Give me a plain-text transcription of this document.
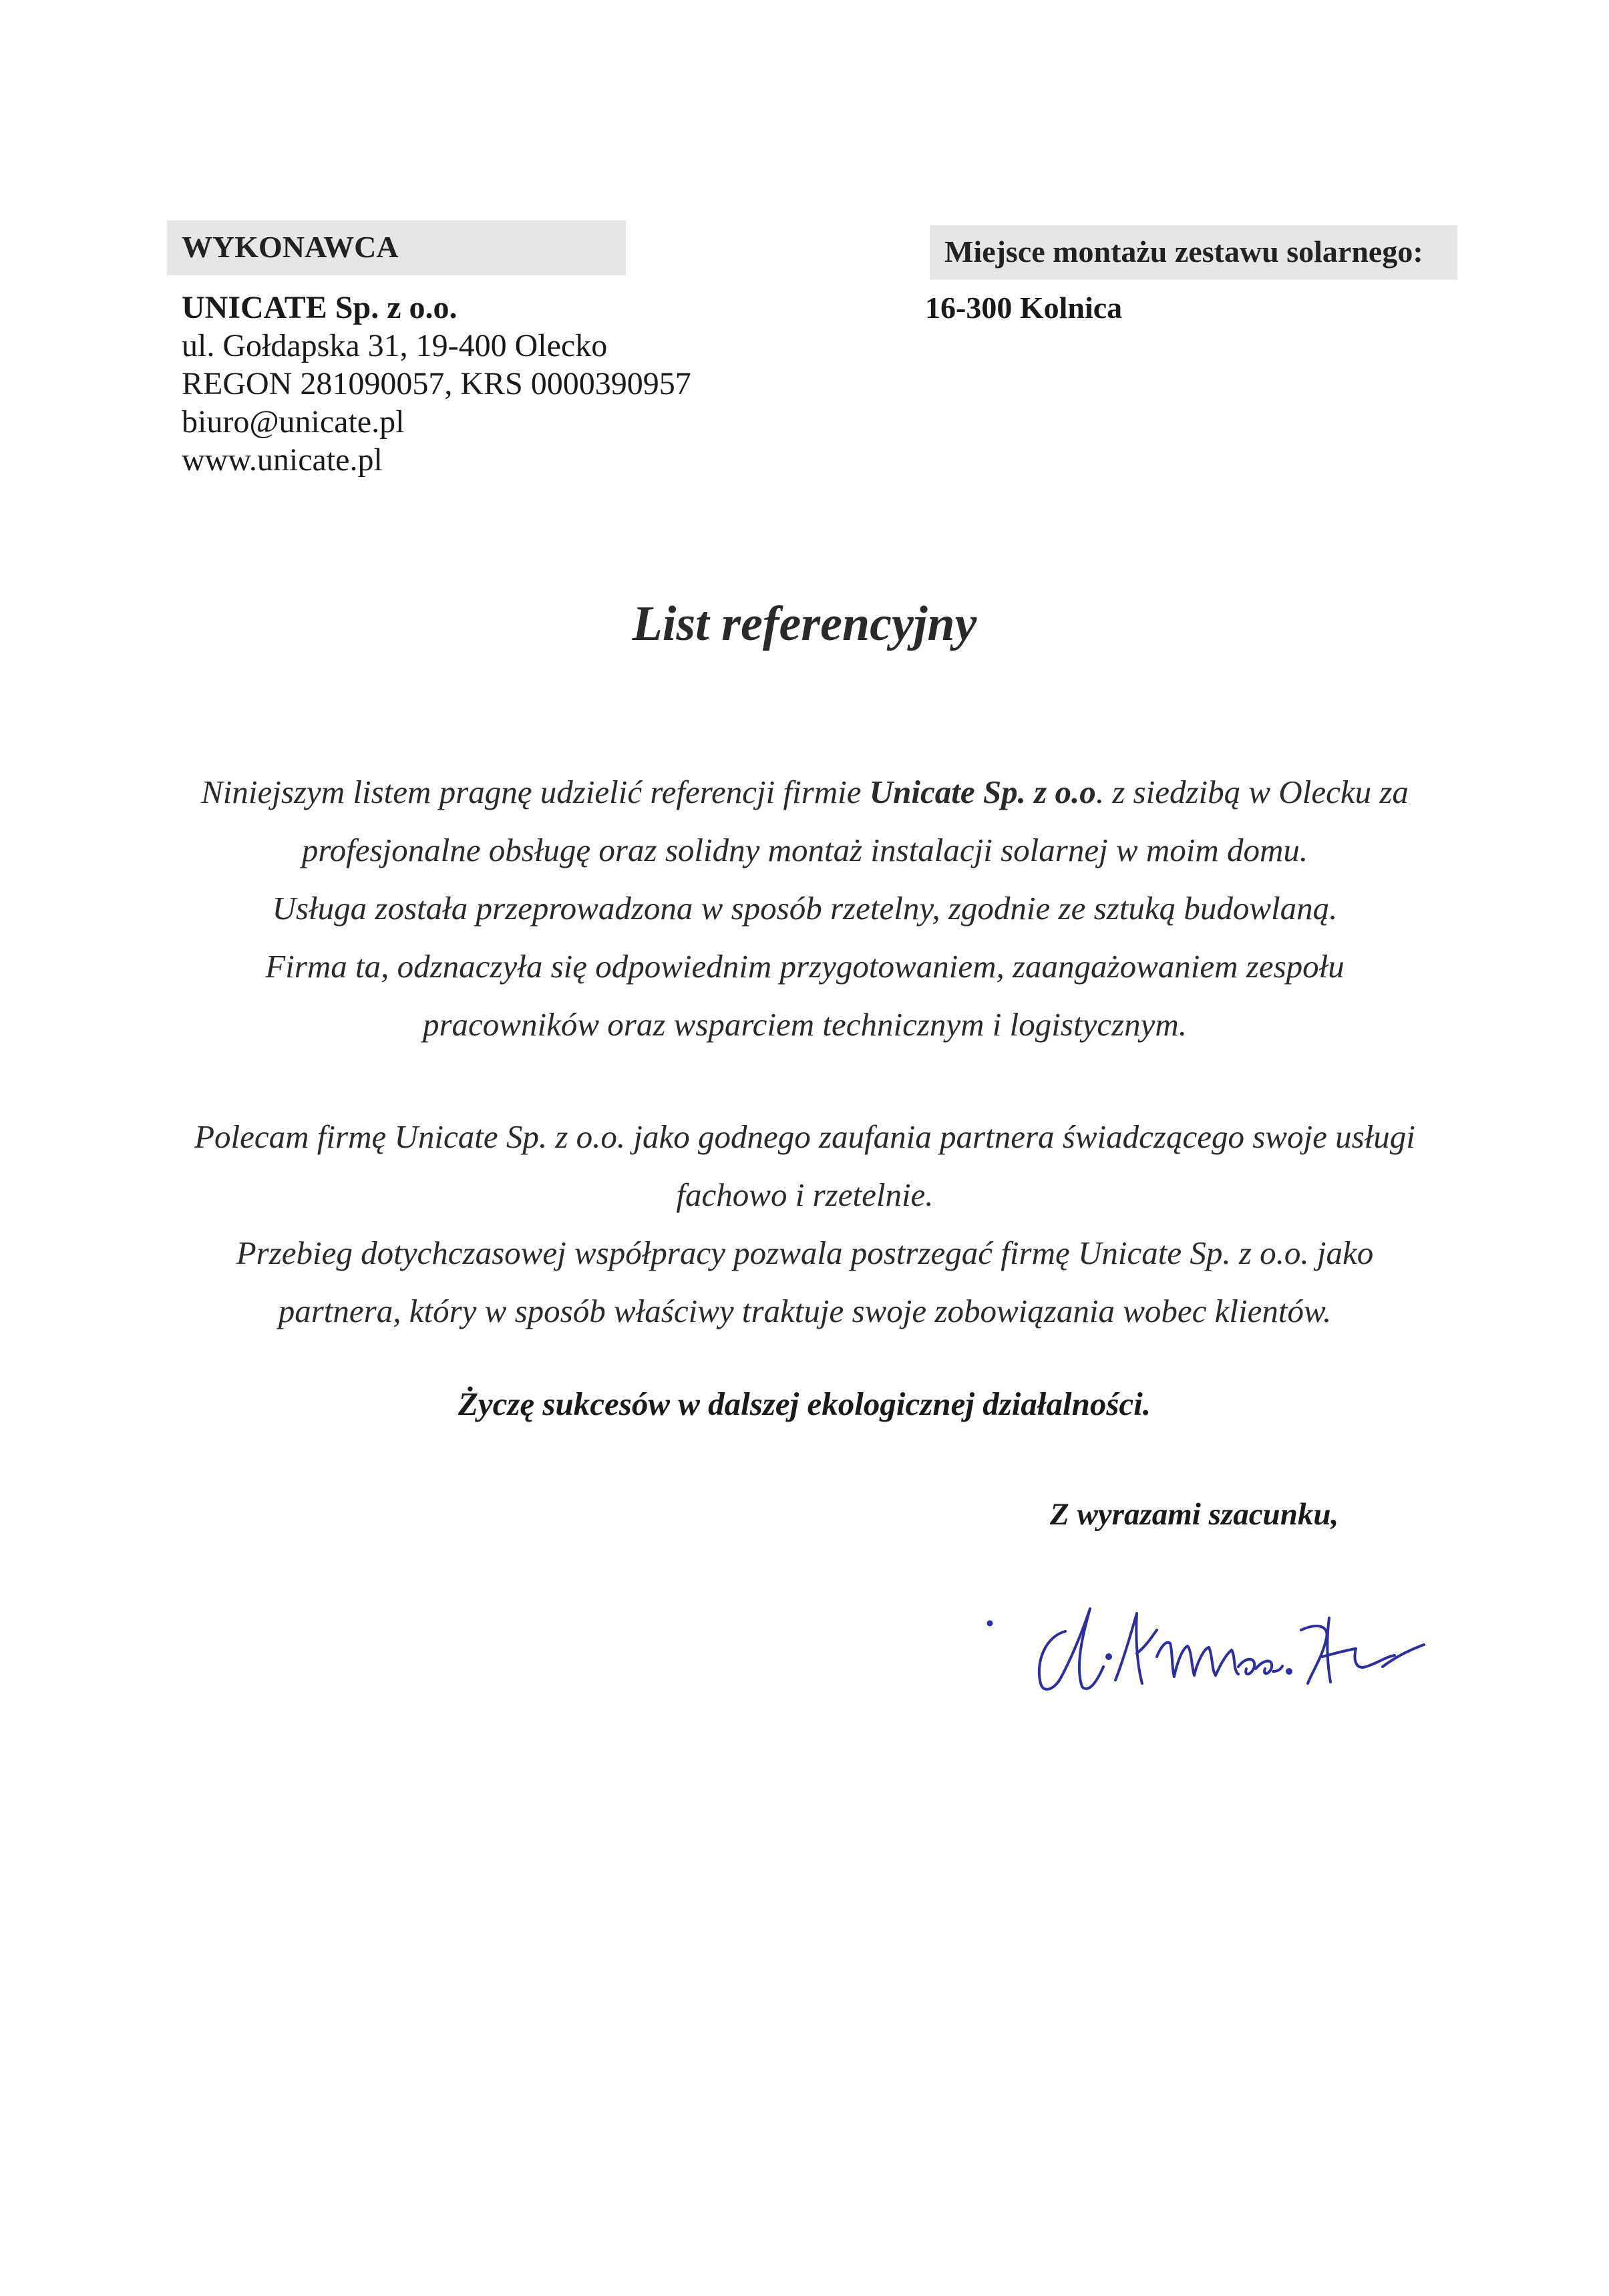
WYKONAWCA	Miejsce montażu zestawu solarnego:
UNICATE Sp. z o.o.
ul. Gołdapska 31, 19-400 Olecko
REGON 281090057, KRS 0000390957
biuro@unicate.pl
www.unicate.pl
16-300 Kolnica
List referencyjny
Niniejszym listem pragnę udzielić referencji firmie Unicate Sp. z o.o. z siedzibą w Olecku za
profesjonalne obsługę oraz solidny montaż instalacji solarnej w moim domu.
Usługa została przeprowadzona w sposób rzetelny, zgodnie ze sztuką budowlaną.
Firma ta, odznaczyła się odpowiednim przygotowaniem, zaangażowaniem zespołu
pracowników oraz wsparciem technicznym i logistycznym.
Polecam firmę Unicate Sp. z o.o. jako godnego zaufania partnera świadczącego swoje usługi
fachowo i rzetelnie.
Przebieg dotychczasowej współpracy pozwala postrzegać firmę Unicate Sp. z o.o. jako
partnera, który w sposób właściwy traktuje swoje zobowiązania wobec klientów.
Życzę sukcesów w dalszej ekologicznej działalności.
Z wyrazami szacunku,
